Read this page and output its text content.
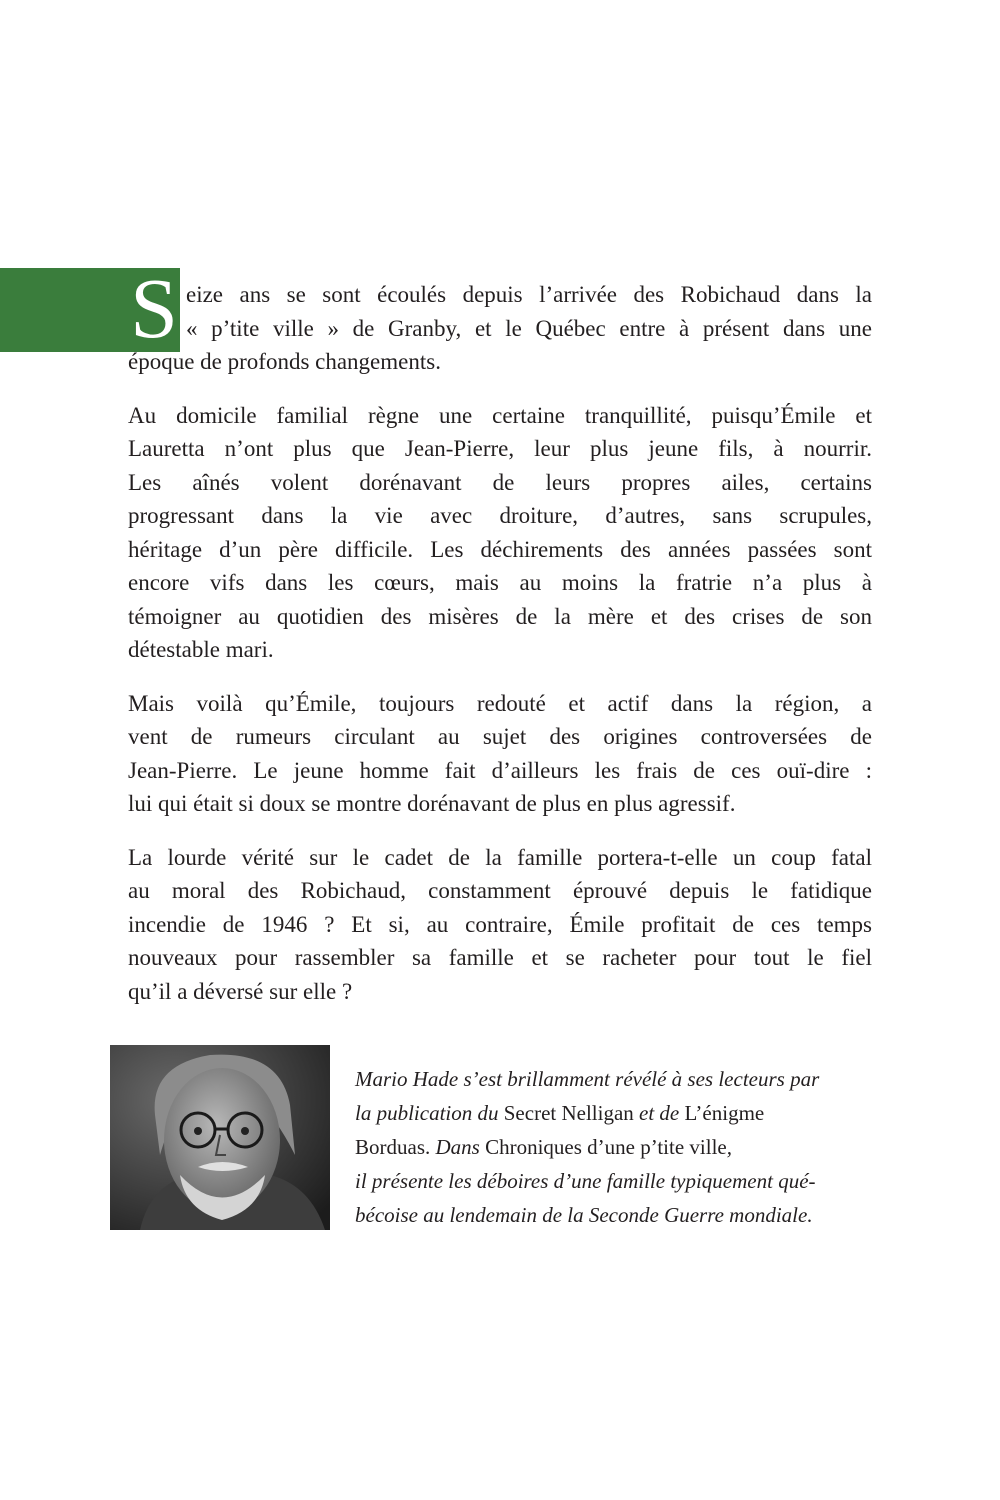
S eize ans se sont écoulés depuis l’arrivée des Robichaud dans la
« p’tite ville » de Granby, et le Québec entre à présent dans une
époque de profonds changements.

Au domicile familial règne une certaine tranquillité, puisqu’Émile et
Lauretta n’ont plus que Jean-Pierre, leur plus jeune fils, à nourrir.
Les aînés volent dorénavant de leurs propres ailes, certains
progressant dans la vie avec droiture, d’autres, sans scrupules,
héritage d’un père difficile. Les déchirements des années passées sont
encore vifs dans les cœurs, mais au moins la fratrie n’a plus à
témoigner au quotidien des misères de la mère et des crises de son
détestable mari.

Mais voilà qu’Émile, toujours redouté et actif dans la région, a
vent de rumeurs circulant au sujet des origines controversées de
Jean-Pierre. Le jeune homme fait d’ailleurs les frais de ces ouï-dire :
lui qui était si doux se montre dorénavant de plus en plus agressif.

La lourde vérité sur le cadet de la famille portera-t-elle un coup fatal
au moral des Robichaud, constamment éprouvé depuis le fatidique
incendie de 1946 ? Et si, au contraire, Émile profitait de ces temps
nouveaux pour rassembler sa famille et se racheter pour tout le fiel
qu’il a déversé sur elle ?

Mario Hade s’est brillamment révélé à ses lecteurs par
la publication du Secret Nelligan et de L’énigme
Borduas. Dans Chroniques d’une p’tite ville,
il présente les déboires d’une famille typiquement qué-
bécoise au lendemain de la Seconde Guerre mondiale.
